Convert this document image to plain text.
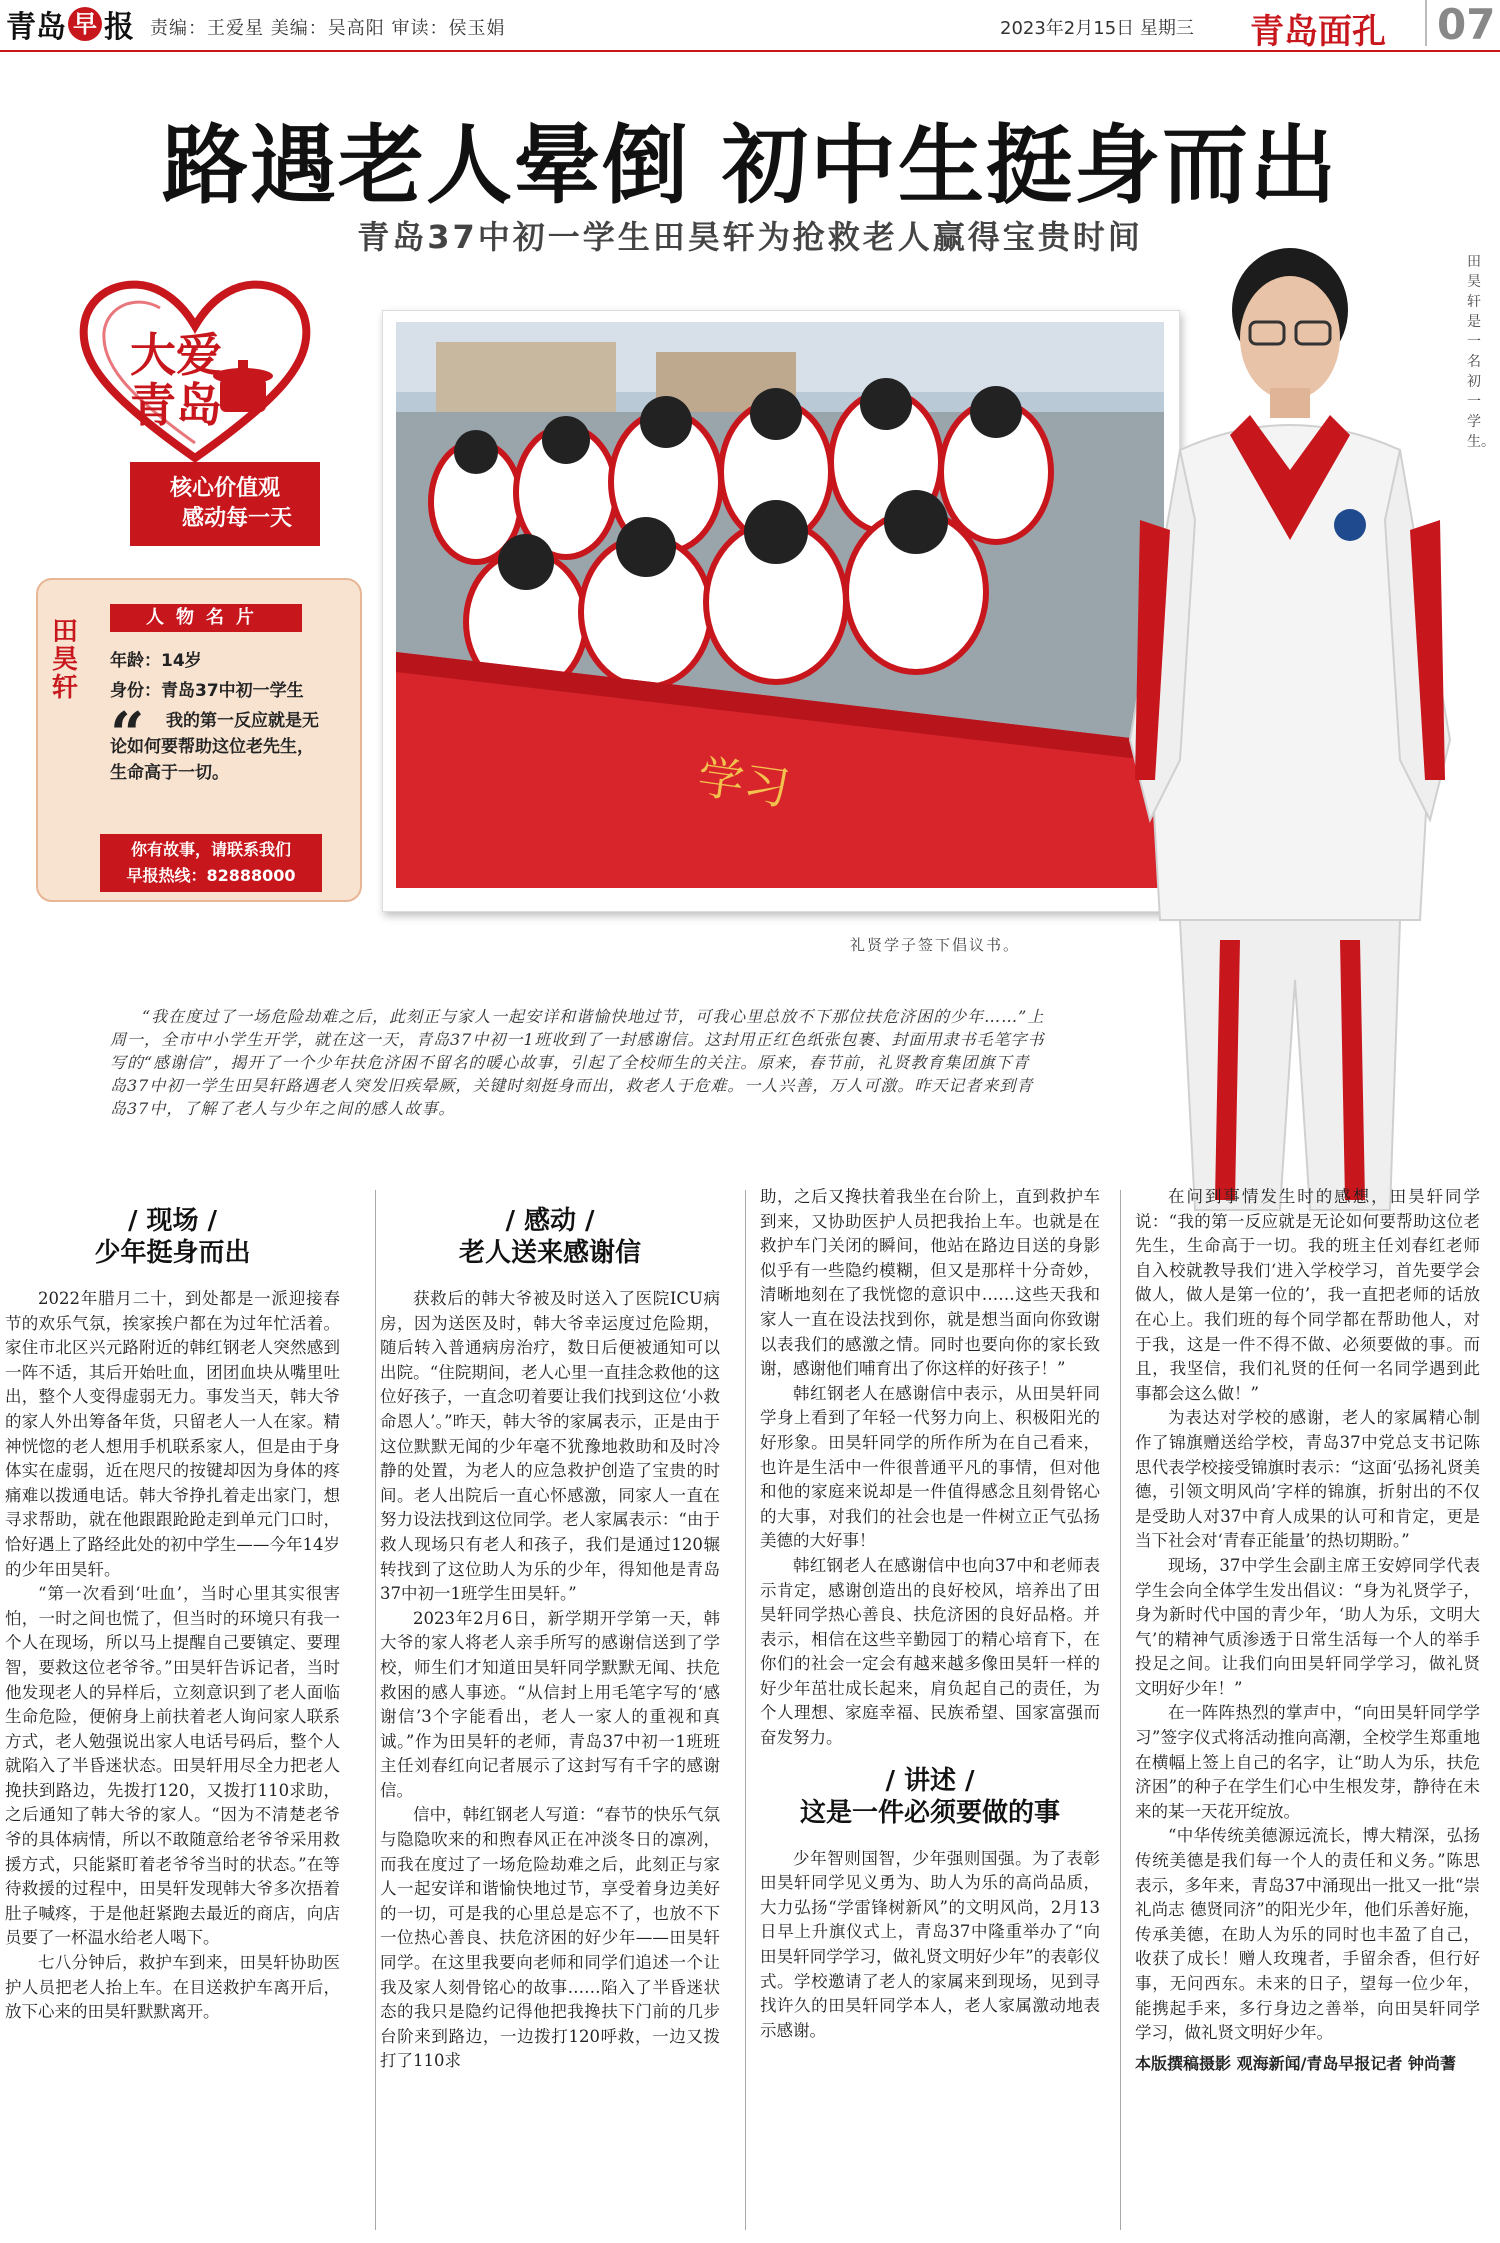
青岛 早 报 责编：王爱星 美编：吴高阳 审读：侯玉娟	2023年2月15日 星期三 青岛面孔 07
路遇老人晕倒 初中生挺身而出
青岛37中初一学生田昊轩为抢救老人赢得宝贵时间
大爱
青岛
核心价值观
感动每一天
田昊轩
人物名片
年龄：14岁
身份：青岛37中初一学生
“	我的第一反应就是无论如何要帮助这位老先生，生命高于一切。
你有故事，请联系我们
早报热线：82888000
学习
礼贤学子签下倡议书。
田昊轩是一名初一学生。
“我在度过了一场危险劫难之后，此刻正与家人一起安详和谐愉快地过节，可我心里总放不下那位扶危济困的少年……”上周一，全市中小学生开学，就在这一天，青岛37中初一1班收到了一封感谢信。这封用正红色纸张包裹、封面用隶书毛笔字书写的“感谢信”，揭开了一个少年扶危济困不留名的暖心故事，引起了全校师生的关注。原来，春节前，礼贤教育集团旗下青岛37中初一学生田昊轩路遇老人突发旧疾晕厥，关键时刻挺身而出，救老人于危难。一人兴善，万人可激。昨天记者来到青岛37中，了解了老人与少年之间的感人故事。
/ 现场 /
少年挺身而出

2022年腊月二十，到处都是一派迎接春节的欢乐气氛，挨家挨户都在为过年忙活着。家住市北区兴元路附近的韩红钢老人突然感到一阵不适，其后开始吐血，团团血块从嘴里吐出，整个人变得虚弱无力。事发当天，韩大爷的家人外出筹备年货，只留老人一人在家。精神恍惚的老人想用手机联系家人，但是由于身体实在虚弱，近在咫尺的按键却因为身体的疼痛难以拨通电话。韩大爷挣扎着走出家门，想寻求帮助，就在他跟跟跄跄走到单元门口时，恰好遇上了路经此处的初中学生——今年14岁的少年田昊轩。

“第一次看到‘吐血’，当时心里其实很害怕，一时之间也慌了，但当时的环境只有我一个人在现场，所以马上提醒自己要镇定、要理智，要救这位老爷爷。”田昊轩告诉记者，当时他发现老人的异样后，立刻意识到了老人面临生命危险，便俯身上前扶着老人询问家人联系方式，老人勉强说出家人电话号码后，整个人就陷入了半昏迷状态。田昊轩用尽全力把老人挽扶到路边，先拨打120，又拨打110求助，之后通知了韩大爷的家人。“因为不清楚老爷爷的具体病情，所以不敢随意给老爷爷采用救援方式，只能紧盯着老爷爷当时的状态。”在等待救援的过程中，田昊轩发现韩大爷多次捂着肚子喊疼，于是他赶紧跑去最近的商店，向店员要了一杯温水给老人喝下。

七八分钟后，救护车到来，田昊轩协助医护人员把老人抬上车。在目送救护车离开后，放下心来的田昊轩默默离开。

/ 感动 /
老人送来感谢信

获救后的韩大爷被及时送入了医院ICU病房，因为送医及时，韩大爷幸运度过危险期，随后转入普通病房治疗，数日后便被通知可以出院。“住院期间，老人心里一直挂念救他的这位好孩子，一直念叨着要让我们找到这位‘小救命恩人’。”昨天，韩大爷的家属表示，正是由于这位默默无闻的少年毫不犹豫地救助和及时冷静的处置，为老人的应急救护创造了宝贵的时间。老人出院后一直心怀感激，同家人一直在努力设法找到这位同学。老人家属表示：“由于救人现场只有老人和孩子，我们是通过120辗转找到了这位助人为乐的少年，得知他是青岛37中初一1班学生田昊轩。”

2023年2月6日，新学期开学第一天，韩大爷的家人将老人亲手所写的感谢信送到了学校，师生们才知道田昊轩同学默默无闻、扶危救困的感人事迹。“从信封上用毛笔字写的‘感谢信’3个字能看出，老人一家人的重视和真诚。”作为田昊轩的老师，青岛37中初一1班班主任刘春红向记者展示了这封写有千字的感谢信。

信中，韩红钢老人写道：“春节的快乐气氛与隐隐吹来的和煦春风正在冲淡冬日的凛冽，而我在度过了一场危险劫难之后，此刻正与家人一起安详和谐愉快地过节，享受着身边美好的一切，可是我的心里总是忘不了，也放不下一位热心善良、扶危济困的好少年——田昊轩同学。在这里我要向老师和同学们追述一个让我及家人刻骨铭心的故事……陷入了半昏迷状态的我只是隐约记得他把我搀扶下门前的几步台阶来到路边，一边拨打120呼救，一边又拨打了110求

助，之后又搀扶着我坐在台阶上，直到救护车到来，又协助医护人员把我抬上车。也就是在救护车门关闭的瞬间，他站在路边目送的身影似乎有一些隐约模糊，但又是那样十分奇妙，清晰地刻在了我恍惚的意识中……这些天我和家人一直在设法找到你，就是想当面向你致谢以表我们的感激之情。同时也要向你的家长致谢，感谢他们哺育出了你这样的好孩子！”

韩红钢老人在感谢信中表示，从田昊轩同学身上看到了年轻一代努力向上、积极阳光的好形象。田昊轩同学的所作所为在自己看来，也许是生活中一件很普通平凡的事情，但对他和他的家庭来说却是一件值得感念且刻骨铭心的大事，对我们的社会也是一件树立正气弘扬美德的大好事！

韩红钢老人在感谢信中也向37中和老师表示肯定，感谢创造出的良好校风，培养出了田昊轩同学热心善良、扶危济困的良好品格。并表示，相信在这些辛勤园丁的精心培育下，在你们的社会一定会有越来越多像田昊轩一样的好少年茁壮成长起来，肩负起自己的责任，为个人理想、家庭幸福、民族希望、国家富强而奋发努力。

/ 讲述 /
这是一件必须要做的事

少年智则国智，少年强则国强。为了表彰田昊轩同学见义勇为、助人为乐的高尚品质，大力弘扬“学雷锋树新风”的文明风尚，2月13日早上升旗仪式上，青岛37中隆重举办了“向田昊轩同学学习，做礼贤文明好少年”的表彰仪式。学校邀请了老人的家属来到现场，见到寻找许久的田昊轩同学本人，老人家属激动地表示感谢。

在问到事情发生时的感想，田昊轩同学说：“我的第一反应就是无论如何要帮助这位老先生，生命高于一切。我的班主任刘春红老师自入校就教导我们‘进入学校学习，首先要学会做人，做人是第一位的’，我一直把老师的话放在心上。我们班的每个同学都在帮助他人，对于我，这是一件不得不做、必须要做的事。而且，我坚信，我们礼贤的任何一名同学遇到此事都会这么做！”

为表达对学校的感谢，老人的家属精心制作了锦旗赠送给学校，青岛37中党总支书记陈思代表学校接受锦旗时表示：“这面‘弘扬礼贤美德，引领文明风尚’字样的锦旗，折射出的不仅是受助人对37中育人成果的认可和肯定，更是当下社会对‘青春正能量’的热切期盼。”

现场，37中学生会副主席王安婷同学代表学生会向全体学生发出倡议：“身为礼贤学子，身为新时代中国的青少年，‘助人为乐，文明大气’的精神气质渗透于日常生活每一个人的举手投足之间。让我们向田昊轩同学学习，做礼贤文明好少年！”

在一阵阵热烈的掌声中，“向田昊轩同学学习”签字仪式将活动推向高潮，全校学生郑重地在横幅上签上自己的名字，让“助人为乐，扶危济困”的种子在学生们心中生根发芽，静待在未来的某一天花开绽放。

“中华传统美德源远流长，博大精深，弘扬传统美德是我们每一个人的责任和义务。”陈思表示，多年来，青岛37中涌现出一批又一批“崇礼尚志 德贤同济”的阳光少年，他们乐善好施，传承美德，在助人为乐的同时也丰盈了自己，收获了成长！赠人玫瑰者，手留余香，但行好事，无问西东。未来的日子，望每一位少年，能携起手来，多行身边之善举，向田昊轩同学学习，做礼贤文明好少年。

本版撰稿摄影 观海新闻/青岛早报记者 钟尚蓍
